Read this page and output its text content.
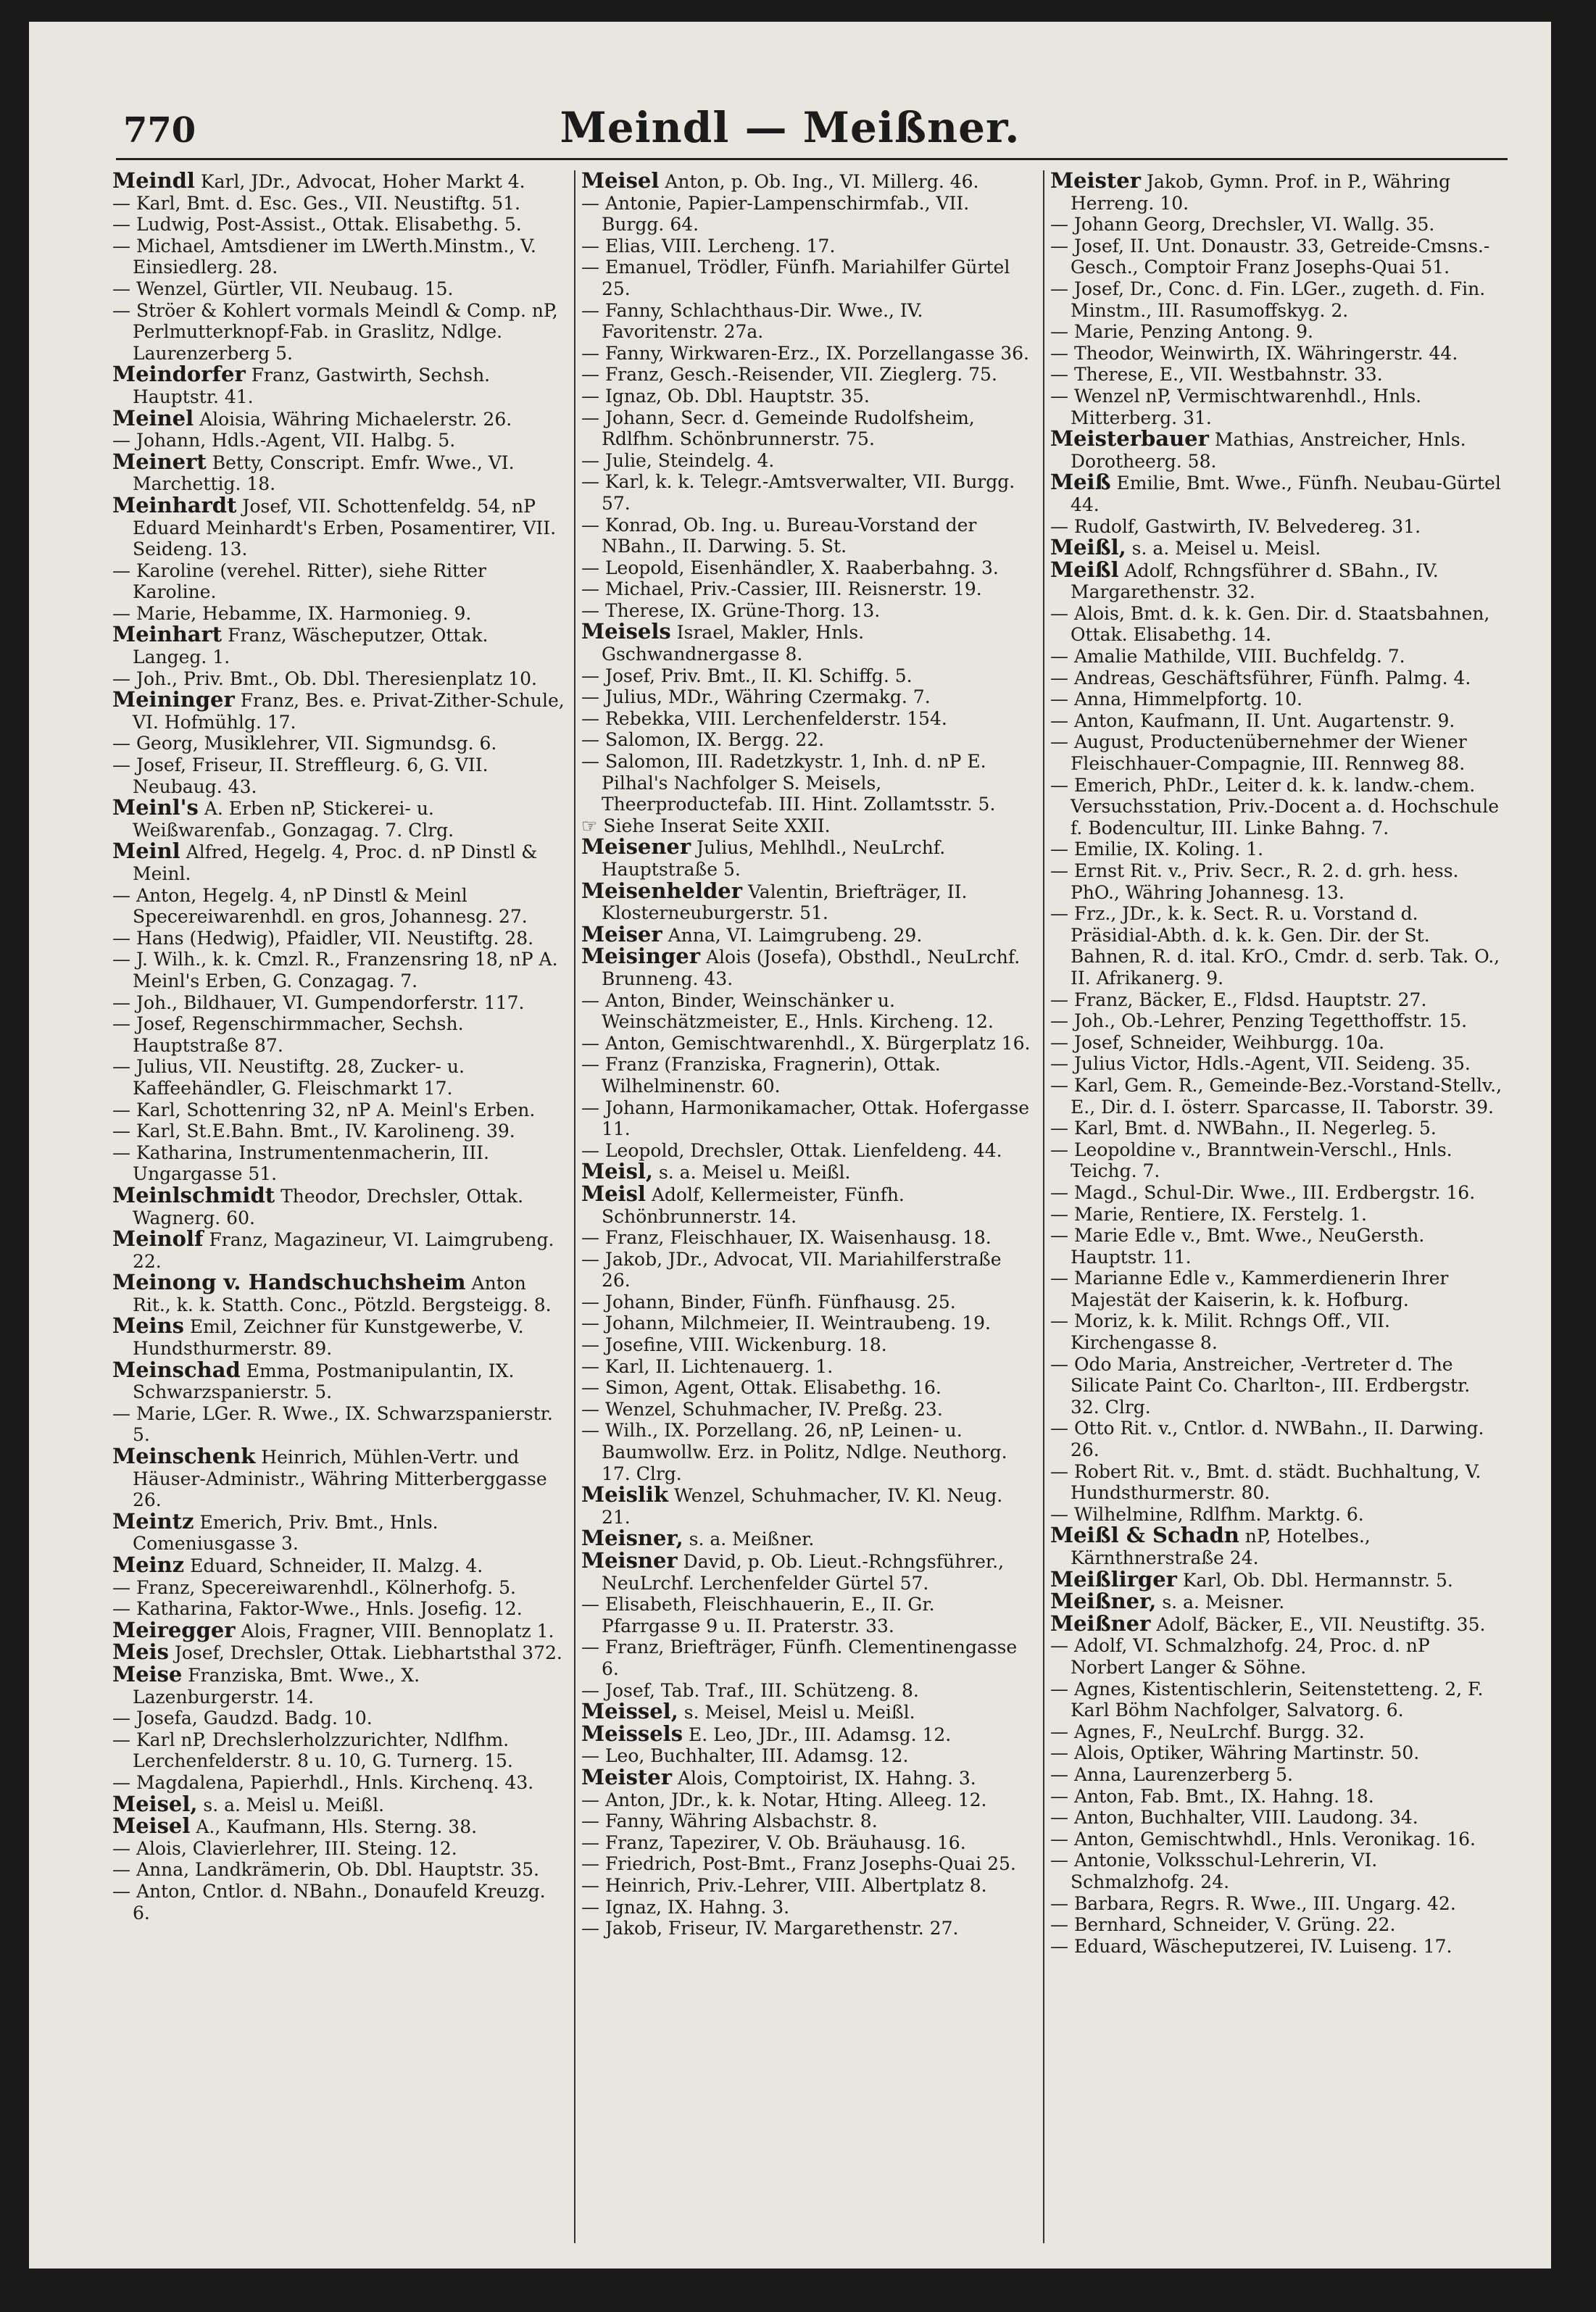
770	Meindl — Meißner.

Meindl Karl, JDr., Advocat, Hoher Markt 4.

— Karl, Bmt. d. Esc. Ges., VII. Neustiftg. 51.

— Ludwig, Post-Assist., Ottak. Elisabethg. 5.

— Michael, Amtsdiener im LWerth.Minstm., V. Einsiedlerg. 28.

— Wenzel, Gürtler, VII. Neubaug. 15.

— Ströer & Kohlert vormals Meindl & Comp. nP, Perlmutterknopf-Fab. in Graslitz, Ndlge. Laurenzerberg 5.

Meindorfer Franz, Gastwirth, Sechsh. Hauptstr. 41.

Meinel Aloisia, Währing Michaelerstr. 26.

— Johann, Hdls.-Agent, VII. Halbg. 5.

Meinert Betty, Conscript. Emfr. Wwe., VI. Marchettig. 18.

Meinhardt Josef, VII. Schottenfeldg. 54, nP Eduard Meinhardt's Erben, Posamentirer, VII. Seideng. 13.

— Karoline (verehel. Ritter), siehe Ritter Karoline.

— Marie, Hebamme, IX. Harmonieg. 9.

Meinhart Franz, Wäscheputzer, Ottak. Langeg. 1.

— Joh., Priv. Bmt., Ob. Dbl. Theresienplatz 10.

Meininger Franz, Bes. e. Privat-Zither-Schule, VI. Hofmühlg. 17.

— Georg, Musiklehrer, VII. Sigmundsg. 6.

— Josef, Friseur, II. Streffleurg. 6, G. VII. Neubaug. 43.

Meinl's A. Erben nP, Stickerei- u. Weißwarenfab., Gonzagag. 7. Clrg.

Meinl Alfred, Hegelg. 4, Proc. d. nP Dinstl & Meinl.

— Anton, Hegelg. 4, nP Dinstl & Meinl Specereiwarenhdl. en gros, Johannesg. 27.

— Hans (Hedwig), Pfaidler, VII. Neustiftg. 28.

— J. Wilh., k. k. Cmzl. R., Franzensring 18, nP A. Meinl's Erben, G. Conzagag. 7.

— Joh., Bildhauer, VI. Gumpendorferstr. 117.

— Josef, Regenschirmmacher, Sechsh. Hauptstraße 87.

— Julius, VII. Neustiftg. 28, Zucker- u. Kaffeehändler, G. Fleischmarkt 17.

— Karl, Schottenring 32, nP A. Meinl's Erben.

— Karl, St.E.Bahn. Bmt., IV. Karolineng. 39.

— Katharina, Instrumentenmacherin, III. Ungargasse 51.

Meinlschmidt Theodor, Drechsler, Ottak. Wagnerg. 60.

Meinolf Franz, Magazineur, VI. Laimgrubeng. 22.

Meinong v. Handschuchsheim Anton Rit., k. k. Statth. Conc., Pötzld. Bergsteigg. 8.

Meins Emil, Zeichner für Kunstgewerbe, V. Hundsthurmerstr. 89.

Meinschad Emma, Postmanipulantin, IX. Schwarzspanierstr. 5.

— Marie, LGer. R. Wwe., IX. Schwarzspanierstr. 5.

Meinschenk Heinrich, Mühlen-Vertr. und Häuser-Administr., Währing Mitterberggasse 26.

Meintz Emerich, Priv. Bmt., Hnls. Comeniusgasse 3.

Meinz Eduard, Schneider, II. Malzg. 4.

— Franz, Specereiwarenhdl., Kölnerhofg. 5.

— Katharina, Faktor-Wwe., Hnls. Josefig. 12.

Meiregger Alois, Fragner, VIII. Bennoplatz 1.

Meis Josef, Drechsler, Ottak. Liebhartsthal 372.

Meise Franziska, Bmt. Wwe., X. Lazenburgerstr. 14.

— Josefa, Gaudzd. Badg. 10.

— Karl nP, Drechslerholzzurichter, Ndlfhm. Lerchenfelderstr. 8 u. 10, G. Turnerg. 15.

— Magdalena, Papierhdl., Hnls. Kirchenq. 43.

Meisel, s. a. Meisl u. Meißl.

Meisel A., Kaufmann, Hls. Sterng. 38.

— Alois, Clavierlehrer, III. Steing. 12.

— Anna, Landkrämerin, Ob. Dbl. Hauptstr. 35.

— Anton, Cntlor. d. NBahn., Donaufeld Kreuzg. 6.

Meisel Anton, p. Ob. Ing., VI. Millerg. 46.

— Antonie, Papier-Lampenschirmfab., VII. Burgg. 64.

— Elias, VIII. Lercheng. 17.

— Emanuel, Trödler, Fünfh. Mariahilfer Gürtel 25.

— Fanny, Schlachthaus-Dir. Wwe., IV. Favoritenstr. 27a.

— Fanny, Wirkwaren-Erz., IX. Porzellangasse 36.

— Franz, Gesch.-Reisender, VII. Zieglerg. 75.

— Ignaz, Ob. Dbl. Hauptstr. 35.

— Johann, Secr. d. Gemeinde Rudolfsheim, Rdlfhm. Schönbrunnerstr. 75.

— Julie, Steindelg. 4.

— Karl, k. k. Telegr.-Amtsverwalter, VII. Burgg. 57.

— Konrad, Ob. Ing. u. Bureau-Vorstand der NBahn., II. Darwing. 5. St.

— Leopold, Eisenhändler, X. Raaberbahng. 3.

— Michael, Priv.-Cassier, III. Reisnerstr. 19.

— Therese, IX. Grüne-Thorg. 13.

Meisels Israel, Makler, Hnls. Gschwandnergasse 8.

— Josef, Priv. Bmt., II. Kl. Schiffg. 5.

— Julius, MDr., Währing Czermakg. 7.

— Rebekka, VIII. Lerchenfelderstr. 154.

— Salomon, IX. Bergg. 22.

— Salomon, III. Radetzkystr. 1, Inh. d. nP E. Pilhal's Nachfolger S. Meisels, Theerproductefab. III. Hint. Zollamtsstr. 5.

☞ Siehe Inserat Seite XXII.

Meisener Julius, Mehlhdl., NeuLrchf. Hauptstraße 5.

Meisenhelder Valentin, Briefträger, II. Klosterneuburgerstr. 51.

Meiser Anna, VI. Laimgrubeng. 29.

Meisinger Alois (Josefa), Obsthdl., NeuLrchf. Brunneng. 43.

— Anton, Binder, Weinschänker u. Weinschätzmeister, E., Hnls. Kircheng. 12.

— Anton, Gemischtwarenhdl., X. Bürgerplatz 16.

— Franz (Franziska, Fragnerin), Ottak. Wilhelminenstr. 60.

— Johann, Harmonikamacher, Ottak. Hofergasse 11.

— Leopold, Drechsler, Ottak. Lienfeldeng. 44.

Meisl, s. a. Meisel u. Meißl.

Meisl Adolf, Kellermeister, Fünfh. Schönbrunnerstr. 14.

— Franz, Fleischhauer, IX. Waisenhausg. 18.

— Jakob, JDr., Advocat, VII. Mariahilferstraße 26.

— Johann, Binder, Fünfh. Fünfhausg. 25.

— Johann, Milchmeier, II. Weintraubeng. 19.

— Josefine, VIII. Wickenburg. 18.

— Karl, II. Lichtenauerg. 1.

— Simon, Agent, Ottak. Elisabethg. 16.

— Wenzel, Schuhmacher, IV. Preßg. 23.

— Wilh., IX. Porzellang. 26, nP, Leinen- u. Baumwollw. Erz. in Politz, Ndlge. Neuthorg. 17. Clrg.

Meislik Wenzel, Schuhmacher, IV. Kl. Neug. 21.

Meisner, s. a. Meißner.

Meisner David, p. Ob. Lieut.-Rchngsführer., NeuLrchf. Lerchenfelder Gürtel 57.

— Elisabeth, Fleischhauerin, E., II. Gr. Pfarrgasse 9 u. II. Praterstr. 33.

— Franz, Briefträger, Fünfh. Clementinengasse 6.

— Josef, Tab. Traf., III. Schützeng. 8.

Meissel, s. Meisel, Meisl u. Meißl.

Meissels E. Leo, JDr., III. Adamsg. 12.

— Leo, Buchhalter, III. Adamsg. 12.

Meister Alois, Comptoirist, IX. Hahng. 3.

— Anton, JDr., k. k. Notar, Hting. Alleeg. 12.

— Fanny, Währing Alsbachstr. 8.

— Franz, Tapezirer, V. Ob. Bräuhausg. 16.

— Friedrich, Post-Bmt., Franz Josephs-Quai 25.

— Heinrich, Priv.-Lehrer, VIII. Albertplatz 8.

— Ignaz, IX. Hahng. 3.

— Jakob, Friseur, IV. Margarethenstr. 27.

Meister Jakob, Gymn. Prof. in P., Währing Herreng. 10.

— Johann Georg, Drechsler, VI. Wallg. 35.

— Josef, II. Unt. Donaustr. 33, Getreide-Cmsns.-Gesch., Comptoir Franz Josephs-Quai 51.

— Josef, Dr., Conc. d. Fin. LGer., zugeth. d. Fin. Minstm., III. Rasumoffskyg. 2.

— Marie, Penzing Antong. 9.

— Theodor, Weinwirth, IX. Währingerstr. 44.

— Therese, E., VII. Westbahnstr. 33.

— Wenzel nP, Vermischtwarenhdl., Hnls. Mitterberg. 31.

Meisterbauer Mathias, Anstreicher, Hnls. Dorotheerg. 58.

Meiß Emilie, Bmt. Wwe., Fünfh. Neubau-Gürtel 44.

— Rudolf, Gastwirth, IV. Belvedereg. 31.

Meißl, s. a. Meisel u. Meisl.

Meißl Adolf, Rchngsführer d. SBahn., IV. Margarethenstr. 32.

— Alois, Bmt. d. k. k. Gen. Dir. d. Staatsbahnen, Ottak. Elisabethg. 14.

— Amalie Mathilde, VIII. Buchfeldg. 7.

— Andreas, Geschäftsführer, Fünfh. Palmg. 4.

— Anna, Himmelpfortg. 10.

— Anton, Kaufmann, II. Unt. Augartenstr. 9.

— August, Productenübernehmer der Wiener Fleischhauer-Compagnie, III. Rennweg 88.

— Emerich, PhDr., Leiter d. k. k. landw.-chem. Versuchsstation, Priv.-Docent a. d. Hochschule f. Bodencultur, III. Linke Bahng. 7.

— Emilie, IX. Koling. 1.

— Ernst Rit. v., Priv. Secr., R. 2. d. grh. hess. PhO., Währing Johannesg. 13.

— Frz., JDr., k. k. Sect. R. u. Vorstand d. Präsidial-Abth. d. k. k. Gen. Dir. der St. Bahnen, R. d. ital. KrO., Cmdr. d. serb. Tak. O., II. Afrikanerg. 9.

— Franz, Bäcker, E., Fldsd. Hauptstr. 27.

— Joh., Ob.-Lehrer, Penzing Tegetthoffstr. 15.

— Josef, Schneider, Weihburgg. 10a.

— Julius Victor, Hdls.-Agent, VII. Seideng. 35.

— Karl, Gem. R., Gemeinde-Bez.-Vorstand-Stellv., E., Dir. d. I. österr. Sparcasse, II. Taborstr. 39.

— Karl, Bmt. d. NWBahn., II. Negerleg. 5.

— Leopoldine v., Branntwein-Verschl., Hnls. Teichg. 7.

— Magd., Schul-Dir. Wwe., III. Erdbergstr. 16.

— Marie, Rentiere, IX. Ferstelg. 1.

— Marie Edle v., Bmt. Wwe., NeuGersth. Hauptstr. 11.

— Marianne Edle v., Kammerdienerin Ihrer Majestät der Kaiserin, k. k. Hofburg.

— Moriz, k. k. Milit. Rchngs Off., VII. Kirchengasse 8.

— Odo Maria, Anstreicher, -Vertreter d. The Silicate Paint Co. Charlton-, III. Erdbergstr. 32. Clrg.

— Otto Rit. v., Cntlor. d. NWBahn., II. Darwing. 26.

— Robert Rit. v., Bmt. d. städt. Buchhaltung, V. Hundsthurmerstr. 80.

— Wilhelmine, Rdlfhm. Marktg. 6.

Meißl & Schadn nP, Hotelbes., Kärnthnerstraße 24.

Meißlirger Karl, Ob. Dbl. Hermannstr. 5.

Meißner, s. a. Meisner.

Meißner Adolf, Bäcker, E., VII. Neustiftg. 35.

— Adolf, VI. Schmalzhofg. 24, Proc. d. nP Norbert Langer & Söhne.

— Agnes, Kistentischlerin, Seitenstetteng. 2, F. Karl Böhm Nachfolger, Salvatorg. 6.

— Agnes, F., NeuLrchf. Burgg. 32.

— Alois, Optiker, Währing Martinstr. 50.

— Anna, Laurenzerberg 5.

— Anton, Fab. Bmt., IX. Hahng. 18.

— Anton, Buchhalter, VIII. Laudong. 34.

— Anton, Gemischtwhdl., Hnls. Veronikag. 16.

— Antonie, Volksschul-Lehrerin, VI. Schmalzhofg. 24.

— Barbara, Regrs. R. Wwe., III. Ungarg. 42.

— Bernhard, Schneider, V. Grüng. 22.

— Eduard, Wäscheputzerei, IV. Luiseng. 17.
